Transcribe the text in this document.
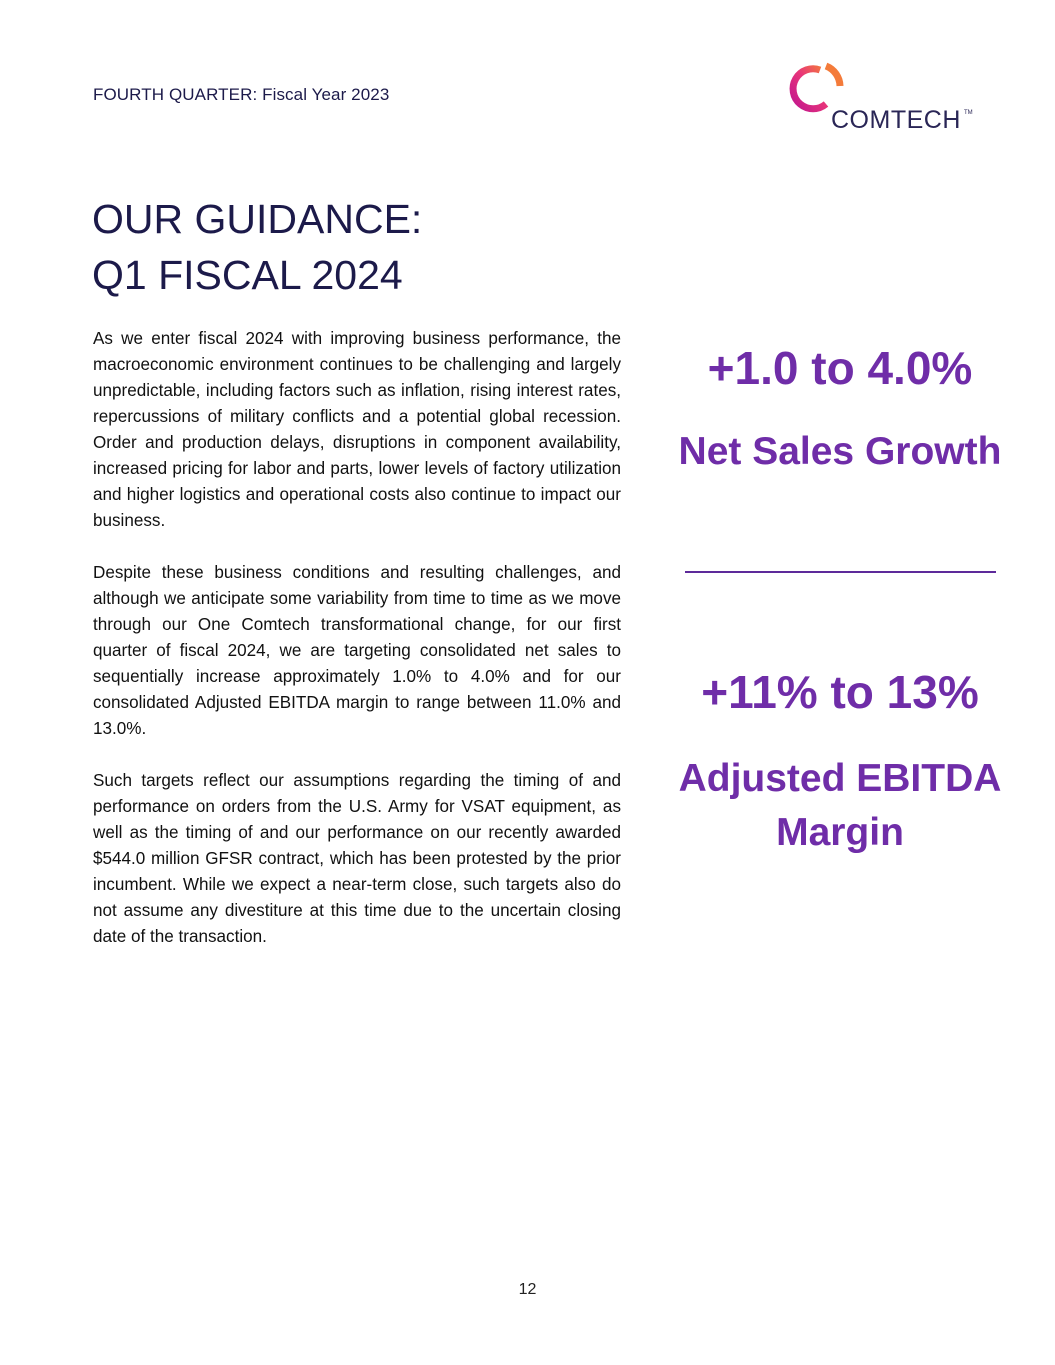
FOURTH QUARTER: Fiscal Year 2023
COMTECH TM
OUR GUIDANCE:
Q1 FISCAL 2024

As we enter fiscal 2024 with improving business performance, the macroeconomic environment continues to be challenging and largely unpredictable, including factors such as inflation, rising interest rates, repercussions of military conflicts and a potential global recession. Order and production delays, disruptions in component availability, increased pricing for labor and parts, lower levels of factory utilization and higher logistics and operational costs also continue to impact our business.

Despite these business conditions and resulting challenges, and although we anticipate some variability from time to time as we move through our One Comtech transformational change, for our first quarter of fiscal 2024, we are targeting consolidated net sales to sequentially increase approximately 1.0% to 4.0% and for our consolidated Adjusted EBITDA margin to range between 11.0% and 13.0%.

Such targets reflect our assumptions regarding the timing of and performance on orders from the U.S. Army for VSAT equipment, as well as the timing of and our performance on our recently awarded $544.0 million GFSR contract, which has been protested by the prior incumbent. While we expect a near-term close, such targets also do not assume any divestiture at this time due to the uncertain closing date of the transaction.

+1.0 to 4.0%
Net Sales Growth
+11% to 13%
Adjusted EBITDA Margin
12
